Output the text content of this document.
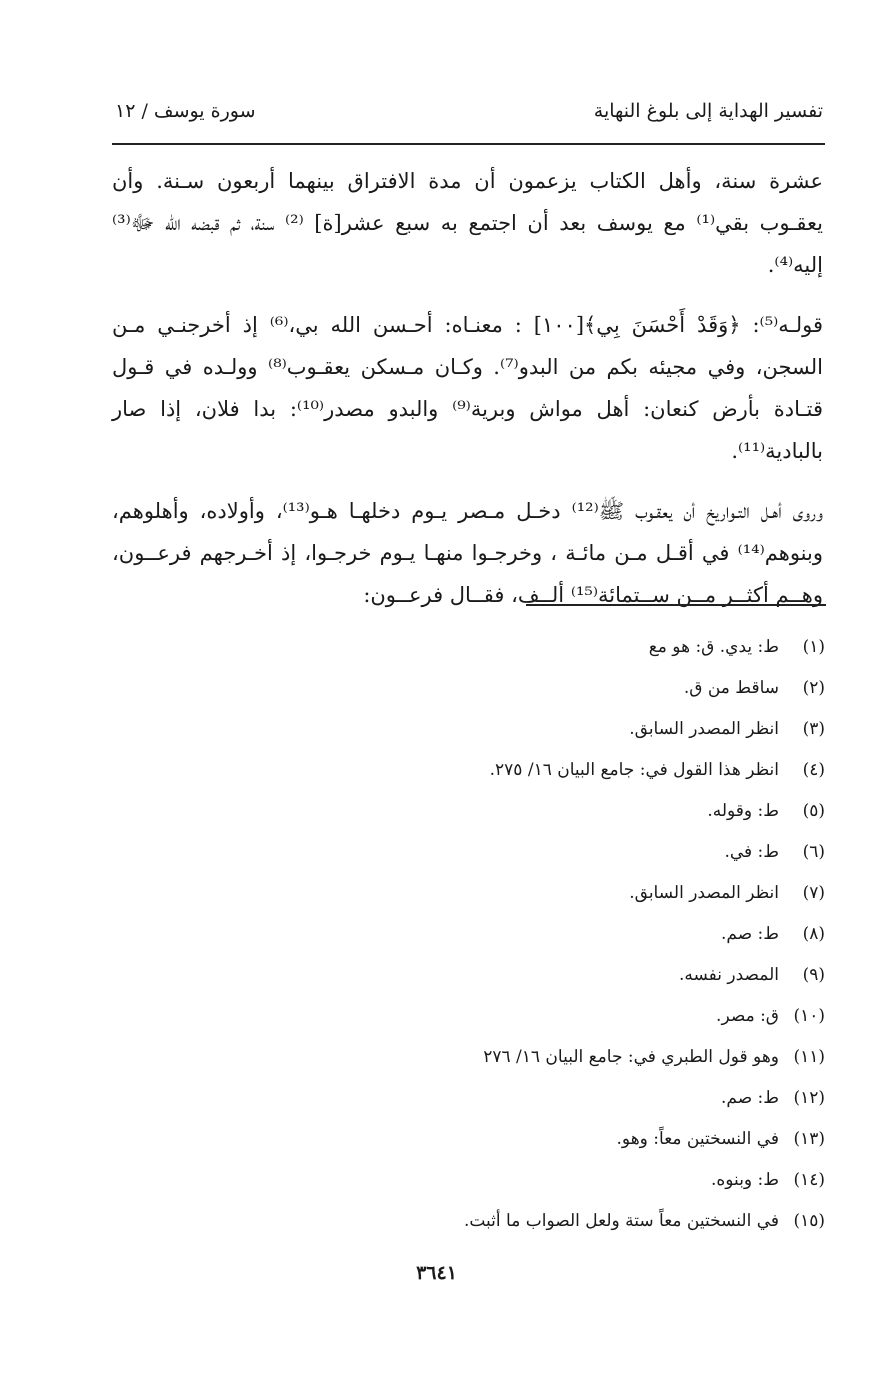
تفسير الهداية إلى بلوغ النهاية
سورة يوسف / ١٢

عشرة سنة، وأهل الكتاب يزعمون أن مدة الافتراق بينهما أربعون سـنة. وأن يعقـوب بقي⁽¹⁾ مع يوسف بعد أن اجتمع به سبع عشر[ة] ⁽²⁾ سنة، ثم قبضه الله ﷻ⁽³⁾ إليه⁽⁴⁾.

قولـه⁽⁵⁾: ﴿وَقَدْ أَحْسَنَ بِي﴾[١٠٠] : معنـاه: أحـسن الله بي،⁽⁶⁾ إذ أخرجنـي مـن السجن، وفي مجيئه بكم من البدو⁽⁷⁾. وكـان مـسكن يعقـوب⁽⁸⁾ وولـده في قـول قتـادة بأرض كنعان: أهل مواش وبرية⁽⁹⁾ والبدو مصدر⁽¹⁰⁾: بدا فلان، إذا صار بالبادية⁽¹¹⁾.

وروى أهـل التـواريخ أن يعقـوب ﷺ⁽¹²⁾ دخـل مـصر يـوم دخلهـا هـو⁽¹³⁾، وأولاده، وأهلوهم، وبنوهم⁽¹⁴⁾ في أقـل مـن مائـة ، وخرجـوا منهـا يـوم خرجـوا، إذ أخـرجهم فرعــون، وهــم أكثــر مــن ســتمائة⁽¹⁵⁾ ألــف، فقــال فرعــون:

(١)
ط: يدي. ق: هو مع
(٢)
ساقط من ق.
(٣)
انظر المصدر السابق.
(٤)
انظر هذا القول في: جامع البيان ١٦/ ٢٧٥.
(٥)
ط: وقوله.
(٦)
ط: في.
(٧)
انظر المصدر السابق.
(٨)
ط: صم.
(٩)
المصدر نفسه.
(١٠)
ق: مصر.
(١١)
وهو قول الطبري في: جامع البيان ١٦/ ٢٧٦
(١٢)
ط: صم.
(١٣)
في النسختين معاً: وهو.
(١٤)
ط: وبنوه.
(١٥)
في النسختين معاً ستة ولعل الصواب ما أثبت.
٣٦٤١
